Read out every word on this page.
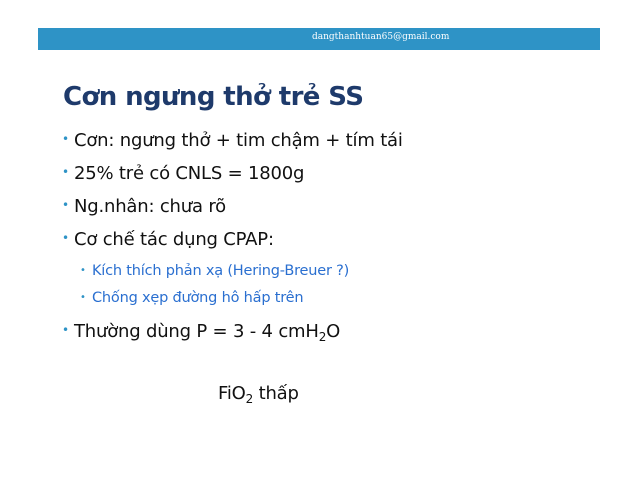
dangthanhtuan65@gmail.com
Cơn ngưng thở trẻ SS
• Cơn: ngưng thở + tim chậm + tím tái
• 25% trẻ có CNLS = 1800g
• Ng.nhân: chưa rõ
• Cơ chế tác dụng CPAP:
• Kích thích phản xạ (Hering-Breuer ?)
• Chống xẹp đường hô hấp trên
• Thường dùng P = 3 - 4 cmH$_2$O
FiO$_2$ thấp
